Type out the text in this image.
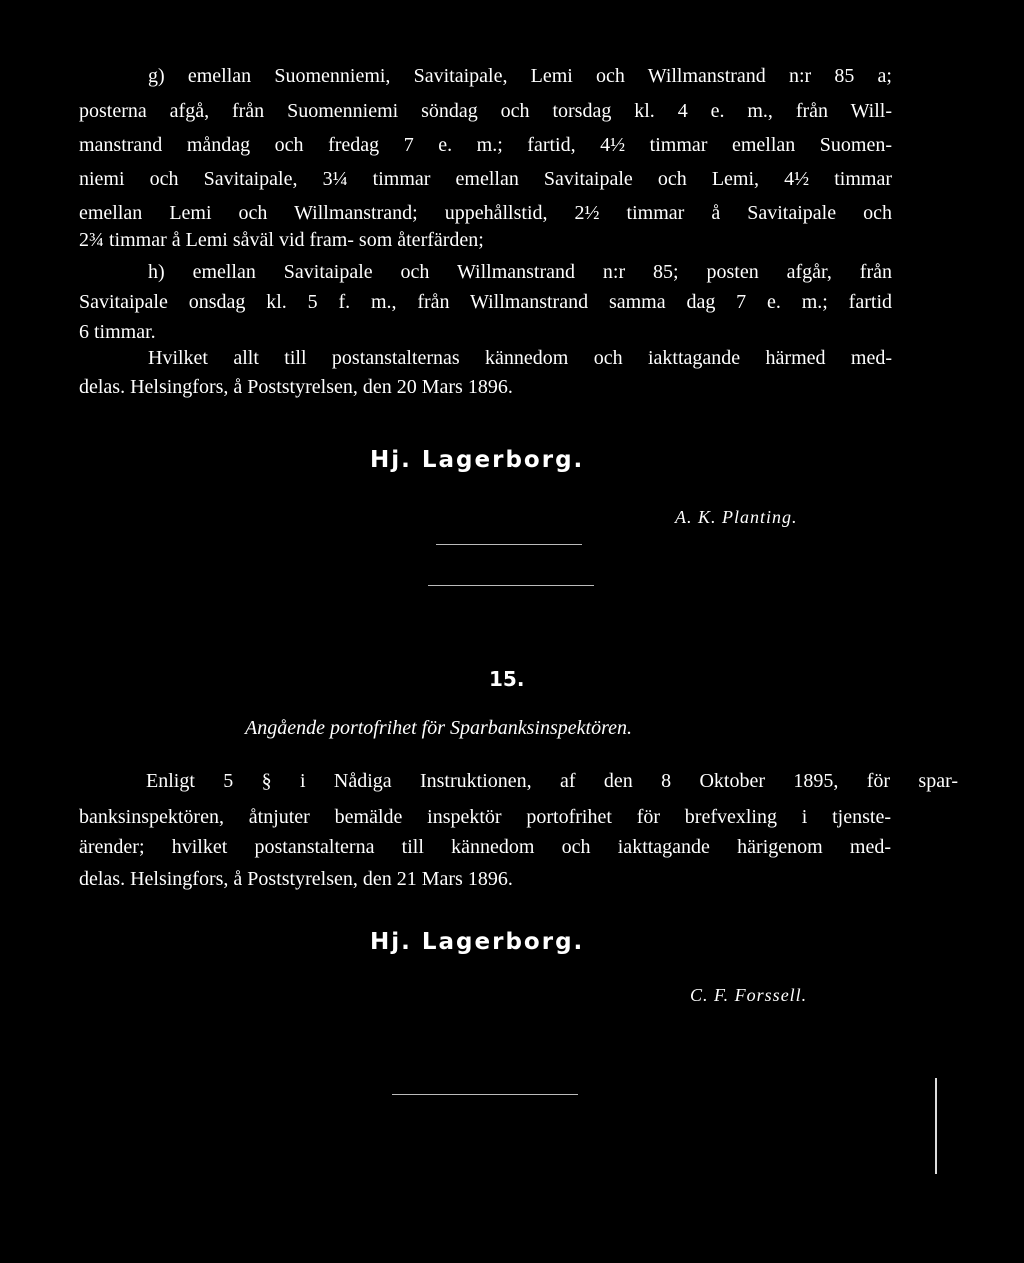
g) emellan Suomenniemi, Savitaipale, Lemi och Willmanstrand n:r 85 a;
posterna afgå, från Suomenniemi söndag och torsdag kl. 4 e. m., från Will-
manstrand måndag och fredag 7 e. m.; fartid, 4½ timmar emellan Suomen-
niemi och Savitaipale, 3¼ timmar emellan Savitaipale och Lemi, 4½ timmar
emellan Lemi och Willmanstrand; uppehållstid, 2½ timmar å Savitaipale och
2¾ timmar å Lemi såväl vid fram- som återfärden;
h) emellan Savitaipale och Willmanstrand n:r 85; posten afgår, från
Savitaipale onsdag kl. 5 f. m., från Willmanstrand samma dag 7 e. m.; fartid
6 timmar.
Hvilket allt till postanstalternas kännedom och iakttagande härmed med-
delas. Helsingfors, å Poststyrelsen, den 20 Mars 1896.
Hj. Lagerborg.
A. K. Planting.
15.
Angående portofrihet för Sparbanksinspektören.
Enligt 5 § i Nådiga Instruktionen, af den 8 Oktober 1895, för spar-
banksinspektören, åtnjuter bemälde inspektör portofrihet för brefvexling i tjenste-
ärender; hvilket postanstalterna till kännedom och iakttagande härigenom med-
delas. Helsingfors, å Poststyrelsen, den 21 Mars 1896.
Hj. Lagerborg.
C. F. Forssell.
